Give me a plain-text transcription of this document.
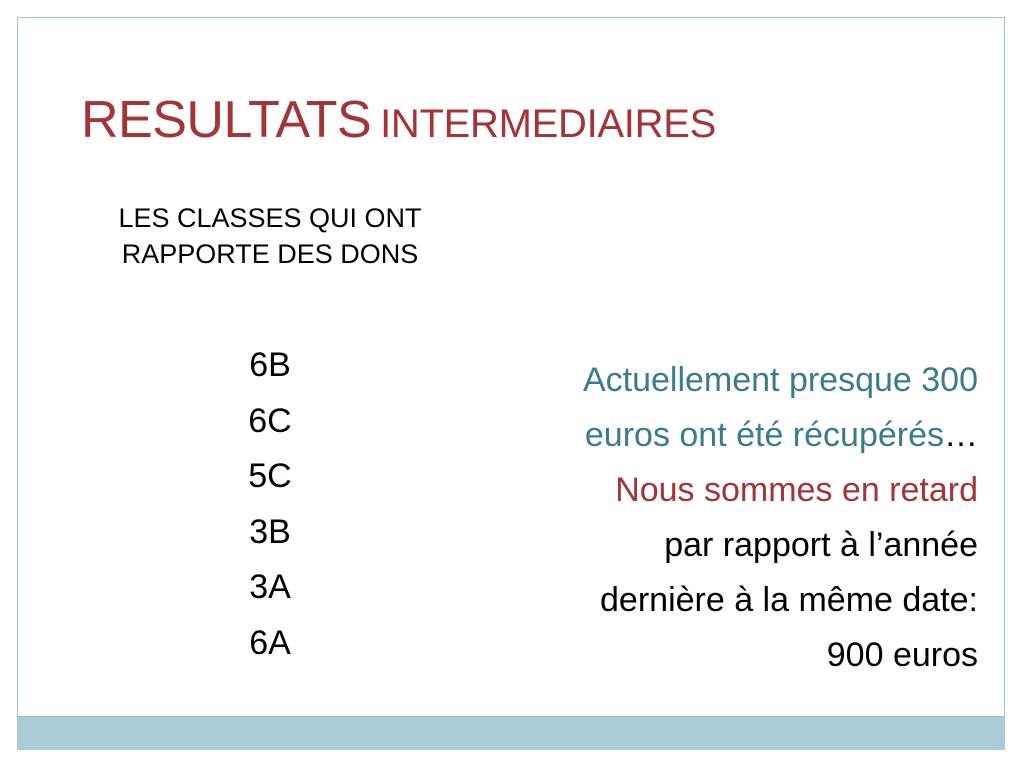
RESULTATS INTERMEDIAIRES
LES CLASSES QUI ONT
RAPPORTE DES DONS
6B
6C
5C
3B
3A
6A
Actuellement presque 300
euros ont été récupérés…
Nous sommes en retard
par rapport à l’année
dernière à la même date:
900 euros
